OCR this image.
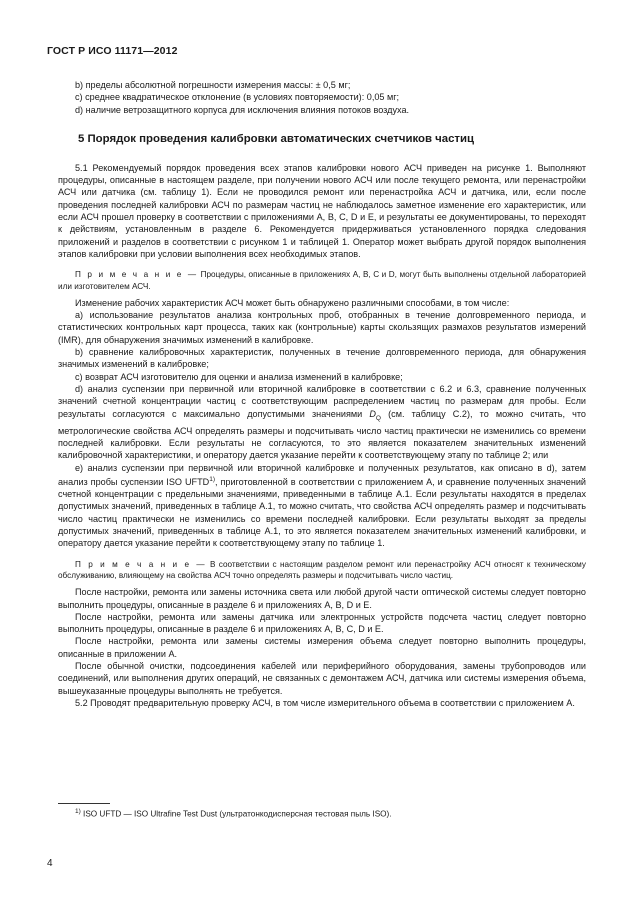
ГОСТ Р ИСО 11171—2012

b) пределы абсолютной погрешности измерения массы: ± 0,5 мг;

c) среднее квадратическое отклонение (в условиях повторяемости): 0,05 мг;

d) наличие ветрозащитного корпуса для исключения влияния потоков воздуха.

5 Порядок проведения калибровки автоматических счетчиков частиц

5.1 Рекомендуемый порядок проведения всех этапов калибровки нового АСЧ приведен на рисунке 1. Выполняют процедуры, описанные в настоящем разделе, при получении нового АСЧ или после текущего ремонта, или перенастройки АСЧ или датчика (см. таблицу 1). Если не проводился ремонт или перенастройка АСЧ и датчика, или, если после проведения последней калибровки АСЧ по размерам частиц не наблюдалось заметное изменение его характеристик, или если АСЧ прошел проверку в соответствии с приложениями А, В, С, D и Е, и результаты ее документированы, то переходят к действиям, установленным в разделе 6. Рекомендуется придерживаться установленного порядка следования приложений и разделов в соответствии с рисунком 1 и таблицей 1. Оператор может выбрать другой порядок выполнения этапов калибровки при условии выполнения всех необходимых этапов.

П р и м е ч а н и е — Процедуры, описанные в приложениях А, В, С и D, могут быть выполнены отдельной лабораторией или изготовителем АСЧ.

Изменение рабочих характеристик АСЧ может быть обнаружено различными способами, в том числе:

а) использование результатов анализа контрольных проб, отобранных в течение долговременного периода, и статистических контрольных карт процесса, таких как (контрольные) карты скользящих размахов результатов измерений (IMR), для обнаружения значимых изменений в калибровке.

b) сравнение калибровочных характеристик, полученных в течение долговременного периода, для обнаружения значимых изменений в калибровке;

c) возврат АСЧ изготовителю для оценки и анализа изменений в калибровке;

d) анализ суспензии при первичной или вторичной калибровке в соответствии с 6.2 и 6.3, сравнение полученных значений счетной концентрации частиц с соответствующим распределением частиц по размерам для пробы. Если результаты согласуются с максимально допустимыми значениями $D_Q$ (см. таблицу С.2), то можно считать, что метрологические свойства АСЧ определять размеры и подсчитывать число частиц практически не изменились со времени последней калибровки. Если результаты не согласуются, то это является показателем значительных изменений калибровочной характеристики, и оператору дается указание перейти к соответствующему этапу по таблице 2; или

е) анализ суспензии при первичной или вторичной калибровке и полученных результатов, как описано в d), затем анализ пробы суспензии ISO UFTD$^{1)}$, приготовленной в соответствии с приложением А, и сравнение полученных значений счетной концентрации с предельными значениями, приведенными в таблице А.1. Если результаты находятся в пределах допустимых значений, приведенных в таблице А.1, то можно считать, что свойства АСЧ определять размер и подсчитывать число частиц практически не изменились со времени последней калибровки. Если результаты выходят за пределы допустимых значений, приведенных в таблице А.1, то это является показателем значительных изменений калибровки, и оператору дается указание перейти к соответствующему этапу по таблице 1.

П р и м е ч а н и е — В соответствии с настоящим разделом ремонт или перенастройку АСЧ относят к техническому обслуживанию, влияющему на свойства АСЧ точно определять размеры и подсчитывать число частиц.

После настройки, ремонта или замены источника света или любой другой части оптической системы следует повторно выполнить процедуры, описанные в разделе 6 и приложениях А, В, D и Е.

После настройки, ремонта или замены датчика или электронных устройств подсчета частиц следует повторно выполнить процедуры, описанные в разделе 6 и приложениях А, В, С, D и Е.

После настройки, ремонта или замены системы измерения объема следует повторно выполнить процедуры, описанные в приложении А.

После обычной очистки, подсоединения кабелей или периферийного оборудования, замены трубопроводов или соединений, или выполнения других операций, не связанных с демонтажем АСЧ, датчика или системы измерения объема, вышеуказанные процедуры выполнять не требуется.

5.2 Проводят предварительную проверку АСЧ, в том числе измерительного объема в соответствии с приложением А.

$^{1)}$ ISO UFTD — ISO Ultrafine Test Dust (ультратонкодисперсная тестовая пыль ISO).
4
